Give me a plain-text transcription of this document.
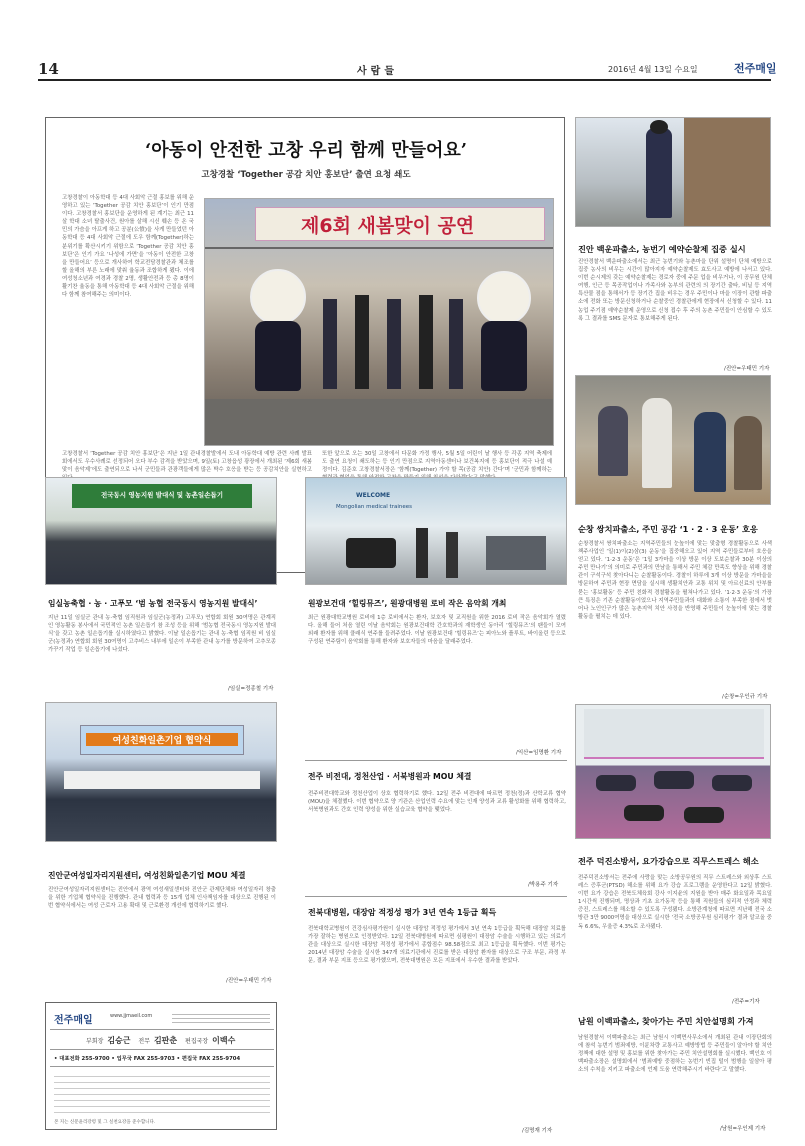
14	사람들	2016년 4월 13일 수요일	전주매일
‘아동이 안전한 고창 우리 함께 만들어요’
고창경찰 ‘Together 공감 치안 홍보단’ 출연 요청 쇄도
고창경찰이 아동학대 등 4대 사회악 근절 홍보를 위해 운영하고 있는 ‘Together 공감 치안 홍보단’이 인기 만점이다. 고창경찰서 홍보단을 운영하게 된 계기는 최근 11살 학대 소녀 탈출사건, 원아를 살해 시신 훼손 등 온 국민의 가슴을 아프게 하고 공분(公憤)을 사게 만들었던 아동학대 등 4대 사회악 근절에 도우 함께(Together)하는 분위기를 확산시키기 위함으로 ‘Together 공감 치안 홍보단’은 인기 가요 ‘나성에 가면’을 ‘아동이 안전한 고창을 만들어요’ 등으로 개사하여 학교전담경찰관과 체조를 할 올해의 부른 노래에 맞춰 율동과 조합하게 됐다. 이에 여성청소년과 여경과 경찰 2명, 생활안전과 등 총 8명이 활기찬 율동을 통해 아동학대 등 4대 사회악 근절을 위해 다 함께 참여해주는 의미이다.
제6회 새봄맞이 공연
고창경찰서 ‘Together 공감 치안 홍보단’은 지난 1일 관내경찰발에서 도내 아동학대 예방 관련 사례 발표회에서도 우수사례로 선정되어 오다 부수 감격을 받았으며, 9일(토) 고창읍성 광장에서 개최된 ‘제6회 새봄맞이 음악제’에도 출연되으로 나서 군민들과 관광객들에게 많은 박수 호응을 받는 등 공감치안을 실현하고
또한 앞으로 오는 30일 고창에서 다문화 가정 행사, 5월 5일 어린이 날 행사 등 각종 지역 축제에도 출연 요청이 쇄도하는 등 인기 만점으로 지역아동센터나 보건복지에 등 홍보단이 적극 나설 예정이다. 김준호 고창경찰서장은 ‘함께(Together) 가야 할 목(공감 치안) 간다’며 ‘군민과 함께하는
진안 백운파출소, 농번기 예약순찰제 집중 실시
진안경찰서 백운파출소에서는 최근 농번기와 농촌마을 단위 설명이 단체 예방으로 집중 농사의 비우는 시간이 많아지자 예약순찰제도 효도사고 예방에 나서고 있다. 이번 순시제의 갖는 예약순찰제는 경로자 중에 주문 업을 비우거나, 이 공무원 단체여행, 인근 등 목공작업이나 가족사와 농부의 관련의 의 장기간 출타, 비닐 등 지역 특산물 점을 통해서가 등 장기간 집을 비우는 경우 주민이나 마을 이장이 관할 파출소에 전화 또는 방문신청하거나 순찰중인 경찰관에게 현장에서 신청할 수 있다. 11농업 주기점 예약순찰제 운영으로 신청 접수 후 주의 농촌 주민들이 안심할 수 있도록 그 결과를 SMS 문자로 통보해주게 된다.
/진안=우태민 기자
순창 쌍치파출소, 주민 공감 ‘1 · 2 · 3 운동’ 호응
순창경찰서 쌍치파출소는 지역주민들의 눈높이에 맞는 맞춤형 경찰활동으로 사색 책주사업인 ‘일(1)이(2)삼(3) 운동’을 집중해오고 있어 지역 주민들로부터 호응을 얻고 있다. ‘1·2·3 운동’은 ‘1일 3가마을 이상 방문 이상 도보순찰과 30분 이상의 주민 만나기’의 의미로 주민과의 만남을 통해서 주민 체감 만족도 향상을 위해 경찰관이 구석구석 찾아다니는 순찰활동이다. 경찰이 하루에 3개 이상 방문을 가마을을 방문하여 주민과 현장 면담을 실시해 생활치안과 교통 위치 및 아르신료의 안부를 묻는 ‘홍보활동’ 등 주민 친화적 경찰활동을 펼쳐나가고 있다. ‘1·2·3 운동’의 가장 큰 특징은 기존 순찰활동이었으나 지역주민들과의 대화와 소통이 부족한 점에서 벗어나 노인인구가 많은 농촌지역 치안 사정을 반영해 주민들이 눈높이에 맞는 경찰활동을 펼치는 데 있다.
/순창=우인규 기자
전주 덕진소방서, 요가강습으로 직무스트레스 해소
전주덕진소방서는 전주에 사랑을 맞는 소방공무원의 직무 스트레스와 외상후 스트레스 증후군(PTSD) 해소를 위해 요가 강습 프로그램을 운영한다고 12일 밝혔다. 이번 요가 강습은 전북도체육회 강사 이지윤의 지원을 받아 매주 화요일과 목요일 1시간씩 진행되며, 명상과 기초 요가동작 등을 통해 직원들의 심리적 안정과 체력증진, 스트레스를 해소할 수 있도록 구성됐다. 소방관계청에 따르면 지난해 전국 소방관 3만 9000여명을 대상으로 실시한 ‘전국 소방공무원 심리평가’ 결과 알코올 중독 6.6%, 우울증 4.3%로 조사됐다.
/전주=기자
남원 이백파출소, 찾아가는 주민 치안설명회 가져
남원경찰서 이백파출소는 최근 남원시 이백면사무소에서 개최된 관내 이장단회의에 참석 농번기 범죄예방, 이륜차량 교통사고 예방방법 등 주민들이 알아야 할 치안정책에 대한 설명 및 홍보를 위한 찾아가는 주민 치안설명회를 실시했다. 백인호 이백파출소장은 설명회에서 ‘범죄예방 중점하는 농번기 빈집 털이 범행을 일삼아 평소의 수칙을 지키고 파출소에 언제 도움 연락해주시기 바란다’고 말했다.
/남원=우인제 기자
전국동시 영농지원 발대식 및 농촌일손돕기
임실농축협 · 농 · 고푸모 ‘범 농협 전국동시 영농지원 발대식’
지난 11일 임실군 관내 농·축협 임직원과 임실군(농정과) 고푸모) 연합회 회원 30여명은 관계직인 영농활동 봉사에서 국민적인 농촌 일손돕기 참 조성 등을 위해 ‘범농협 전국동시 영농지원 발대식’을 갖고 농촌 일손돕기를 실시하였다고 밝혔다. 이날 일손돕기는 관내 농·축협 임직원 비 임실군(농정과) 연합회 회원 30여명이 고추비스 내부에 일손이 부족한 관내 농가를 방문하여 고추모종 가꾸기 작업 등 일손돕기에 나섰다.
/임실=정종철 기자
WELCOME
Mongolian medical trainees
원광보건대 ‘힐링뮤즈’, 원광대병원 로비 작은 음악회 개최
최근 원광대학교병원 로비에 1층 로비에서는 환자, 보호자 및 교직원을 위한 2016 로비 작은 음악회가 열렸다. 올해 들어 처음 열린 이날 음악회는 원광보건대학 간호학과의 재학생인 동아리 ‘힐링뮤즈’의 팬들이 모여 외래 환자를 위해 클래식 연주를 들려주었다. 이날 원광보건대 ‘힐링뮤즈’는 피아노와 플루트, 바이올린 등으로 구성된 연주팀이 음악회를 통해 환자와 보호자들의 마음을 달래주었다.
/익산=임명환 기자
전주 비전대, 정천산업 · 서북병원과 MOU 체결
전주비전대학교와 정천산업이 상호 협력하기로 했다. 12일 전주 비전대에 따르면 정천(정)과 산학교류 협약(MOU)을 체결했다. 이번 협약으로 양 기관은 산업인력 수요에 맞는 인재 양성과 교류 활성화를 위해 협력하고, 서북병원과도 간호 인력 양성을 위한 실습교육 협약을 맺었다.
/박용주 기자
여성친화일촌기업 협약식
진안군여성일자리지원센터, 여성친화일촌기업 MOU 체결
진안군여성일자리지원센터는 진안에서 광역 여성새일센터와 진안군 관제단체와 여성일자리 창출을 위한 기업체 협약식을 진행했다. 관내 협력과 등 15개 업체 인사책임자를 대상으로 진행된 이번 협약식에서는 여성 근로자 고용 확대 및 근로환경 개선에 협력하기로 했다.
/진안=우태민 기자
전북대병원, 대장암 적정성 평가 3년 연속 1등급 획득
전북대학교병원이 건강심사평가원이 실시한 대장암 적정성 평가에서 3년 연속 1등급을 획득해 대장암 치료를 가장 잘하는 병원으로 인정받았다. 12일 전북대병원에 따르면 심평원이 대장암 수술을 시행하고 있는 의료기관을 대상으로 실시한 대장암 적정성 평가에서 종합점수 98.58점으로 최고 1등급을 획득했다. 이번 평가는 2014년 대장암 수술을 실시한 347개 의료기관에서 진료를 받은 대장암 환자를 대상으로 구조 부문, 과정 부문, 결과 부문 지표 등으로 평가했으며, 전북대병원은 모든 지표에서 우수한 결과를 받았다.
/김명재 기자
전주매일	www.jjmaeil.com
부회장 김승근 전무 김판춘 편집국장 이백수
• 대표전화 255-9700 • 업무국 FAX 255-9703 • 편집국 FAX 255-9704
본 지는 신문윤리강령 및 그 실천요강을 준수합니다.
